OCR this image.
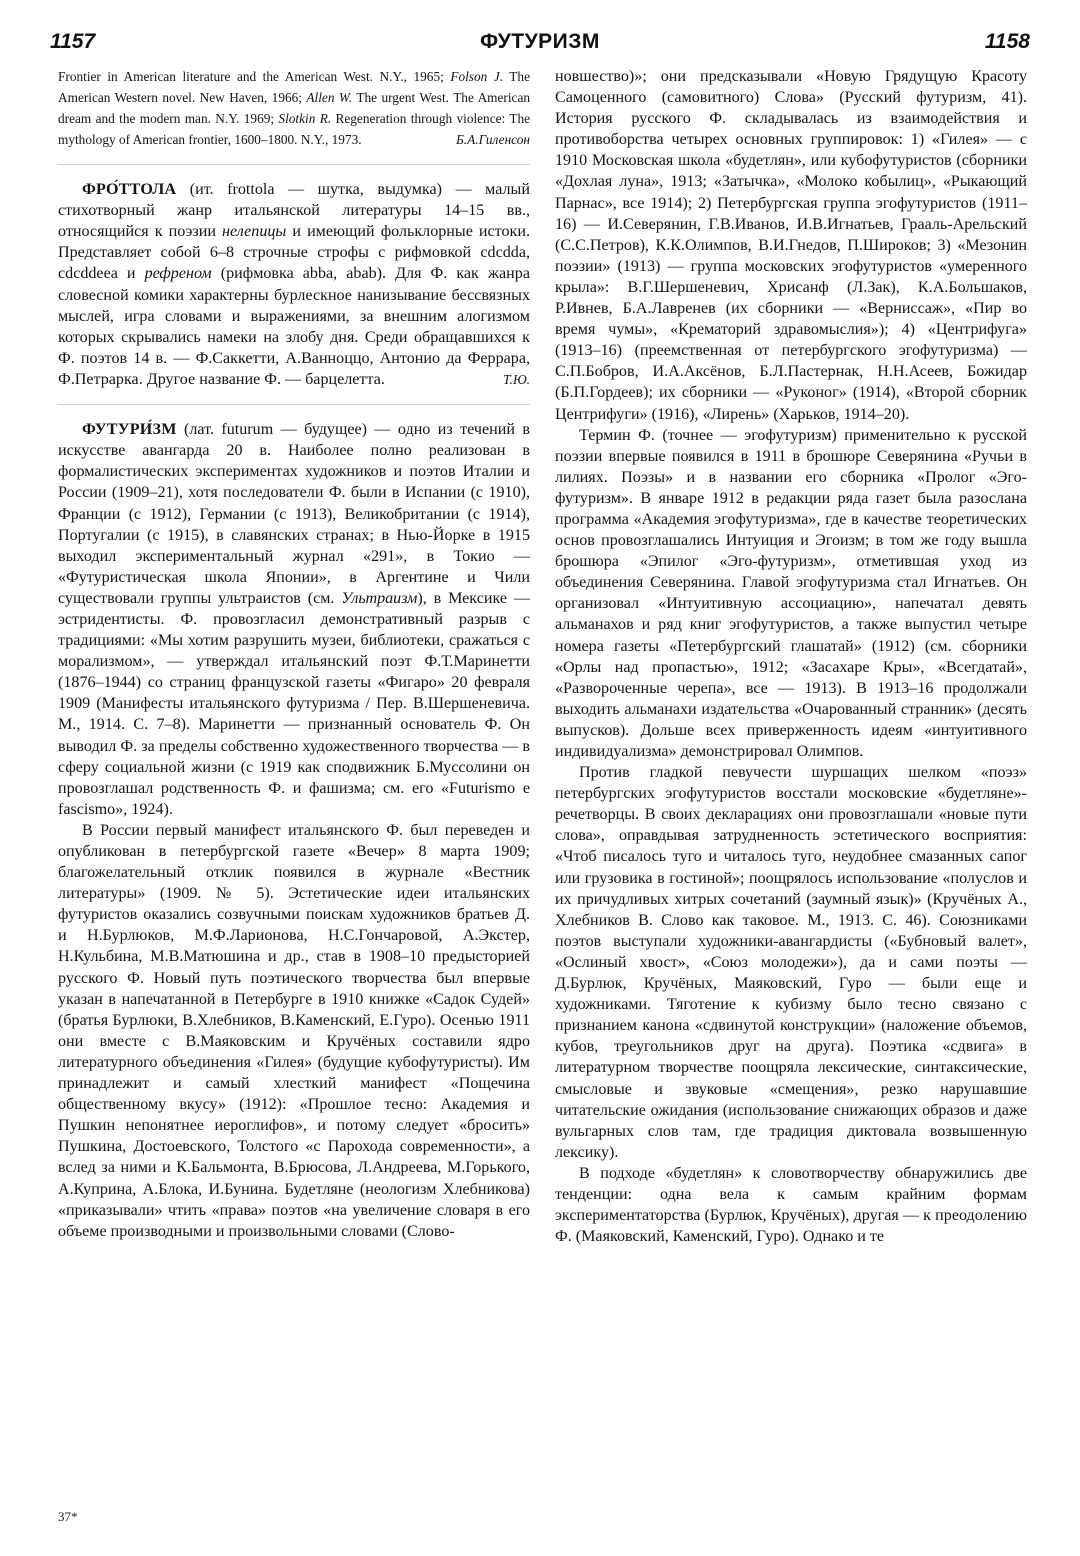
1157	ФУТУРИЗМ	1158

Frontier in American literature and the American West. N.Y., 1965; Folson J. The American Western novel. New Haven, 1966; Allen W. The urgent West. The American dream and the modern man. N.Y. 1969; Slotkin R. Regeneration through violence: The mythology of American frontier, 1600–1800. N.Y., 1973.	Б.А.Гиленсон

ФРО́ТТОЛА (ит. frottola — шутка, выдумка) — малый стихотворный жанр итальянской литературы 14–15 вв., относящийся к поэзии нелепицы и имеющий фольклорные истоки. Представляет собой 6–8 строчные строфы с рифмовкой cdcdda, cdcddeea и рефреном (рифмовка abba, abab). Для Ф. как жанра словесной комики характерны бурлескное нанизывание бессвязных мыслей, игра словами и выражениями, за внешним алогизмом которых скрывались намеки на злобу дня. Среди обращавшихся к Ф. поэтов 14 в. — Ф.Саккетти, А.Ванноццо, Антонио да Феррара, Ф.Петрарка. Другое название Ф. — барцелетта.	Т.Ю.

ФУТУРИ́ЗМ (лат. futurum — будущее) — одно из течений в искусстве авангарда 20 в. Наиболее полно реализован в формалистических экспериментах художников и поэтов Италии и России (1909–21), хотя последователи Ф. были в Испании (с 1910), Франции (с 1912), Германии (с 1913), Великобритании (с 1914), Португалии (с 1915), в славянских странах; в Нью-Йорке в 1915 выходил экспериментальный журнал «291», в Токио — «Футуристическая школа Японии», в Аргентине и Чили существовали группы ультраистов (см. Ультраизм), в Мексике — эстридентисты. Ф. провозгласил демонстративный разрыв с традициями: «Мы хотим разрушить музеи, библиотеки, сражаться с морализмом», — утверждал итальянский поэт Ф.Т.Маринетти (1876–1944) со страниц французской газеты «Фигаро» 20 февраля 1909 (Манифесты итальянского футуризма / Пер. В.Шершеневича. М., 1914. С. 7–8). Маринетти — признанный основатель Ф. Он выводил Ф. за пределы собственно художественного творчества — в сферу социальной жизни (с 1919 как сподвижник Б.Муссолини он провозглашал родственность Ф. и фашизма; см. его «Futurismo e fascismo», 1924).

В России первый манифест итальянского Ф. был переведен и опубликован в петербургской газете «Вечер» 8 марта 1909; благожелательный отклик появился в журнале «Вестник литературы» (1909. № 5). Эстетические идеи итальянских футуристов оказались созвучными поискам художников братьев Д. и Н.Бурлюков, М.Ф.Ларионова, Н.С.Гончаровой, А.Экстер, Н.Кульбина, М.В.Матюшина и др., став в 1908–10 предысторией русского Ф. Новый путь поэтического творчества был впервые указан в напечатанной в Петербурге в 1910 книжке «Садок Судей» (братья Бурлюки, В.Хлебников, В.Каменский, Е.Гуро). Осенью 1911 они вместе с В.Маяковским и Кручёных составили ядро литературного объединения «Гилея» (будущие кубофутуристы). Им принадлежит и самый хлесткий манифест «Пощечина общественному вкусу» (1912): «Прошлое тесно: Академия и Пушкин непонятнее иероглифов», и потому следует «бросить» Пушкина, Достоевского, Толстого «с Парохода современности», а вслед за ними и К.Бальмонта, В.Брюсова, Л.Андреева, М.Горького, А.Куприна, А.Блока, И.Бунина. Будетляне (неологизм Хлебникова) «приказывали» чтить «права» поэтов «на увеличение словаря в его объеме производными и произвольными словами (Слово-

новшество)»; они предсказывали «Новую Грядущую Красоту Самоценного (самовитного) Слова» (Русский футуризм, 41). История русского Ф. складывалась из взаимодействия и противоборства четырех основных группировок: 1) «Гилея» — с 1910 Московская школа «будетлян», или кубофутуристов (сборники «Дохлая луна», 1913; «Затычка», «Молоко кобылиц», «Рыкающий Парнас», все 1914); 2) Петербургская группа эгофутуристов (1911–16) — И.Северянин, Г.В.Иванов, И.В.Игнатьев, Грааль-Арельский (С.С.Петров), К.К.Олимпов, В.И.Гнедов, П.Широков; 3) «Мезонин поэзии» (1913) — группа московских эгофутуристов «умеренного крыла»: В.Г.Шершеневич, Хрисанф (Л.Зак), К.А.Большаков, Р.Ивнев, Б.А.Лавренев (их сборники — «Вернисcаж», «Пир во время чумы», «Крематорий здравомыслия»); 4) «Центрифуга» (1913–16) (преемственная от петербургского эгофутуризма) — С.П.Бобров, И.А.Аксёнов, Б.Л.Пастернак, Н.Н.Асеев, Божидар (Б.П.Гордеев); их сборники — «Руконог» (1914), «Второй сборник Центрифуги» (1916), «Лирень» (Харьков, 1914–20).

Термин Ф. (точнее — эгофутуризм) применительно к русской поэзии впервые появился в 1911 в брошюре Северянина «Ручьи в лилиях. Поэзы» и в названии его сборника «Пролог «Эго-футуризм». В январе 1912 в редакции ряда газет была разослана программа «Академия эгофутуризма», где в качестве теоретических основ провозглашались Интуиция и Эгоизм; в том же году вышла брошюра «Эпилог «Эго-футуризм», отметившая уход из объединения Северянина. Главой эгофутуризма стал Игнатьев. Он организовал «Интуитивную ассоциацию», напечатал девять альманахов и ряд книг эгофутуристов, а также выпустил четыре номера газеты «Петербургский глашатай» (1912) (см. сборники «Орлы над пропастью», 1912; «Засахаре Кры», «Всегдатай», «Развороченные черепа», все — 1913). В 1913–16 продолжали выходить альманахи издательства «Очарованный странник» (десять выпусков). Дольше всех приверженность идеям «интуитивного индивидуализма» демонстрировал Олимпов.

Против гладкой певучести шуршащих шелком «поэз» петербургских эгофутуристов восстали московские «будетляне»-речетворцы. В своих декларациях они провозглашали «новые пути слова», оправдывая затрудненность эстетического восприятия: «Чтоб писалось туго и читалось туго, неудобнее смазанных сапог или грузовика в гостиной»; поощрялось использование «полуслов и их причудливых хитрых сочетаний (заумный язык)» (Кручёных А., Хлебников В. Слово как таковое. М., 1913. С. 46). Союзниками поэтов выступали художники-авангардисты («Бубновый валет», «Ослиный хвост», «Союз молодежи»), да и сами поэты — Д.Бурлюк, Кручёных, Маяковский, Гуро — были еще и художниками. Тяготение к кубизму было тесно связано с признанием канона «сдвинутой конструкции» (наложение объемов, кубов, треугольников друг на друга). Поэтика «сдвига» в литературном творчестве поощряла лексические, синтаксические, смысловые и звуковые «смещения», резко нарушавшие читательские ожидания (использование снижающих образов и даже вульгарных слов там, где традиция диктовала возвышенную лексику).

В подходе «будетлян» к словотворчеству обнаружились две тенденции: одна вела к самым крайним формам экспериментаторства (Бурлюк, Кручёных), другая — к преодолению Ф. (Маяковский, Каменский, Гуро). Однако и те

37*
